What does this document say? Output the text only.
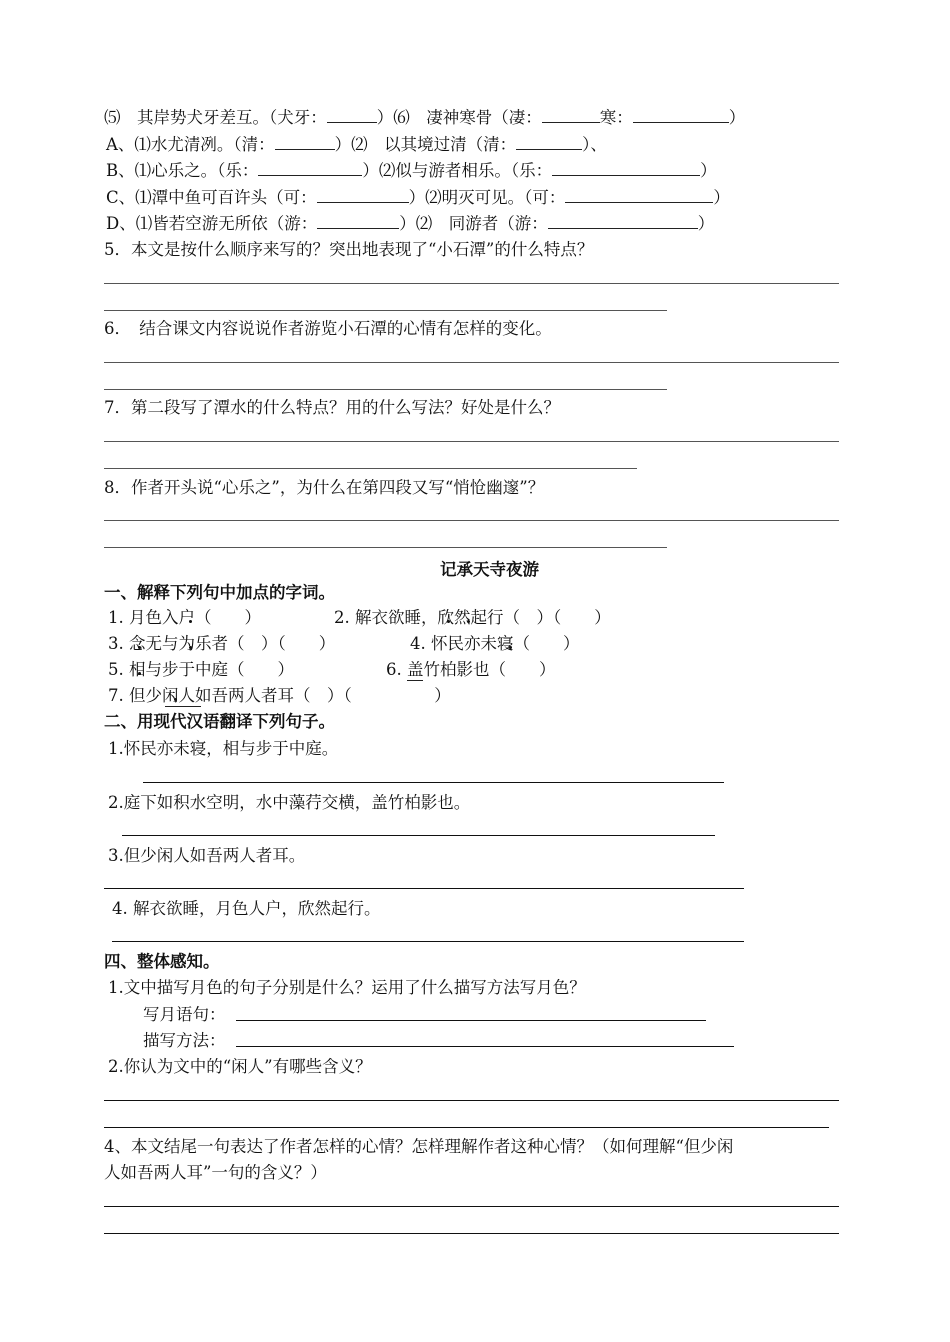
⑸　其岸势犬牙差互。（犬牙：	）⑹　凄神寒骨（凄：	寒：	）
A、⑴水尤清冽。（清：	）⑵　以其境过清（清：	）、
B、⑴心乐之。（乐：	）⑵似与游者相乐。（乐：	）
C、⑴潭中鱼可百许头（可：	）⑵明灭可见。（可：	）
D、⑴皆若空游无所依（游：	）⑵　同游者（游：	）
5．本文是按什么顺序来写的？突出地表现了“小石潭”的什么特点？
6．　结合课文内容说说作者游览小石潭的心情有怎样的变化。
7．第二段写了潭水的什么特点？用的什么写法？好处是什么？
8．作者开头说“心乐之”，为什么在第四段又写“悄怆幽邃”？
记承天寺夜游
一、解释下列句中加点的字词。
1. 月色入户（　　）	2. 解衣欲睡，欣然起行（　）（　　）
3. 念无与为乐者（　）（　　）	4. 怀民亦未寝（　　）
5. 相与步于中庭（　　）	6. 盖竹柏影也（　　）
7. 但少闲人如吾两人者耳（　）（　　　　　）
二、用现代汉语翻译下列句子。
1.怀民亦未寝，相与步于中庭。
2.庭下如积水空明，水中藻荇交横，盖竹柏影也。
3.但少闲人如吾两人者耳。
4. 解衣欲睡，月色人户，欣然起行。
四、整体感知。
1.文中描写月色的句子分别是什么？运用了什么描写方法写月色？
写月语句：
描写方法：
2.你认为文中的“闲人”有哪些含义？
4、本文结尾一句表达了作者怎样的心情？怎样理解作者这种心情？（如何理解“但少闲
人如吾两人耳”一句的含义？）
